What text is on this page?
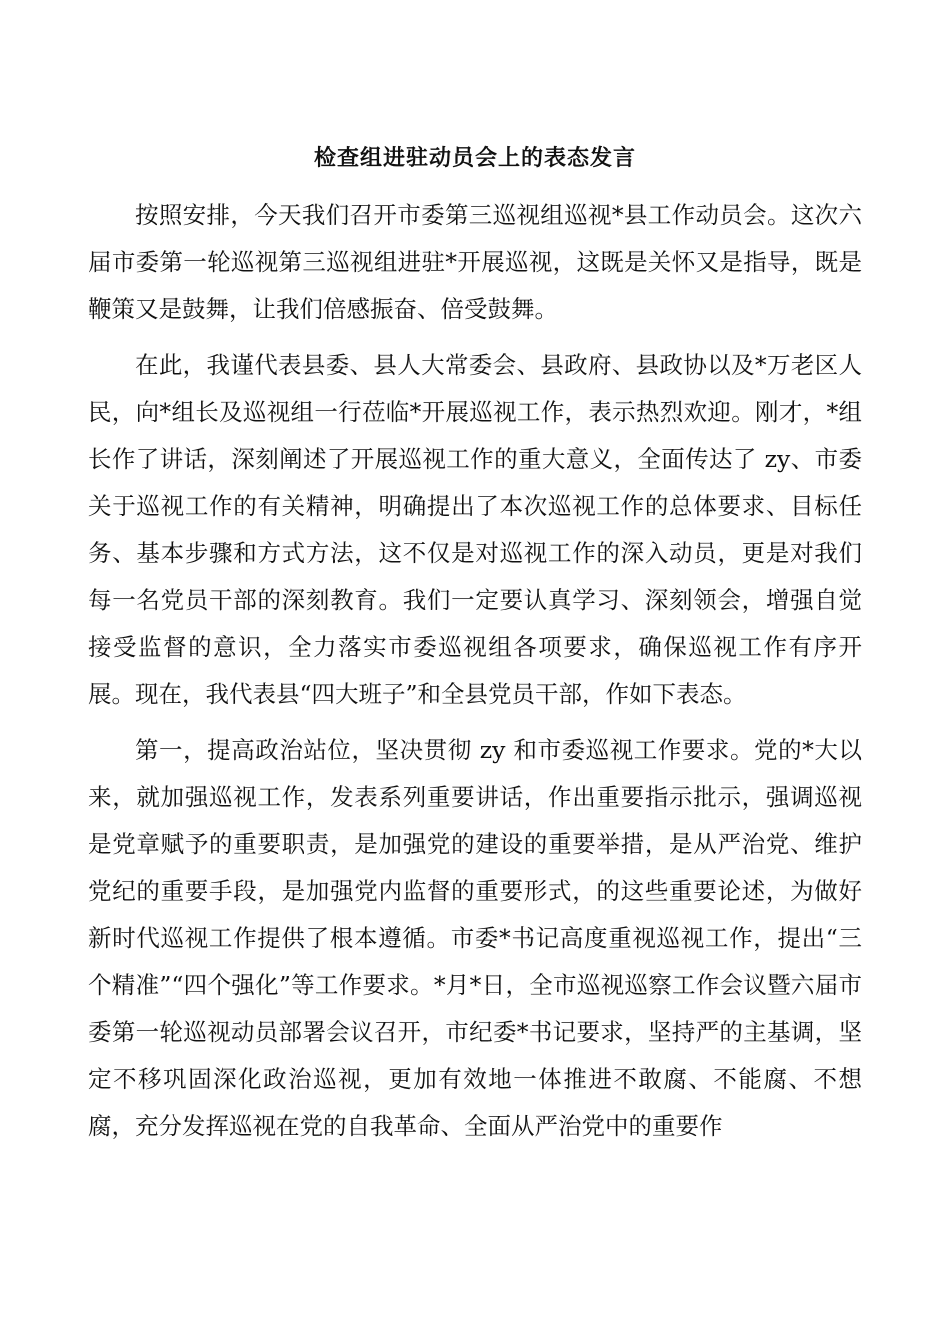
检查组进驻动员会上的表态发言

按照安排，今天我们召开市委第三巡视组巡视*县工作动员会。这次六届市委第一轮巡视第三巡视组进驻*开展巡视，这既是关怀又是指导，既是鞭策又是鼓舞，让我们倍感振奋、倍受鼓舞。

在此，我谨代表县委、县人大常委会、县政府、县政协以及*万老区人民，向*组长及巡视组一行莅临*开展巡视工作，表示热烈欢迎。刚才，*组长作了讲话，深刻阐述了开展巡视工作的重大意义，全面传达了 zy、市委关于巡视工作的有关精神，明确提出了本次巡视工作的总体要求、目标任务、基本步骤和方式方法，这不仅是对巡视工作的深入动员，更是对我们每一名党员干部的深刻教育。我们一定要认真学习、深刻领会，增强自觉接受监督的意识，全力落实市委巡视组各项要求，确保巡视工作有序开展。现在，我代表县“四大班子”和全县党员干部，作如下表态。

第一，提高政治站位，坚决贯彻 zy 和市委巡视工作要求。党的*大以来，就加强巡视工作，发表系列重要讲话，作出重要指示批示，强调巡视是党章赋予的重要职责，是加强党的建设的重要举措，是从严治党、维护党纪的重要手段，是加强党内监督的重要形式，的这些重要论述，为做好新时代巡视工作提供了根本遵循。市委*书记高度重视巡视工作，提出“三个精准”“四个强化”等工作要求。*月*日，全市巡视巡察工作会议暨六届市委第一轮巡视动员部署会议召开，市纪委*书记要求，坚持严的主基调，坚定不移巩固深化政治巡视，更加有效地一体推进不敢腐、不能腐、不想腐，充分发挥巡视在党的自我革命、全面从严治党中的重要作
